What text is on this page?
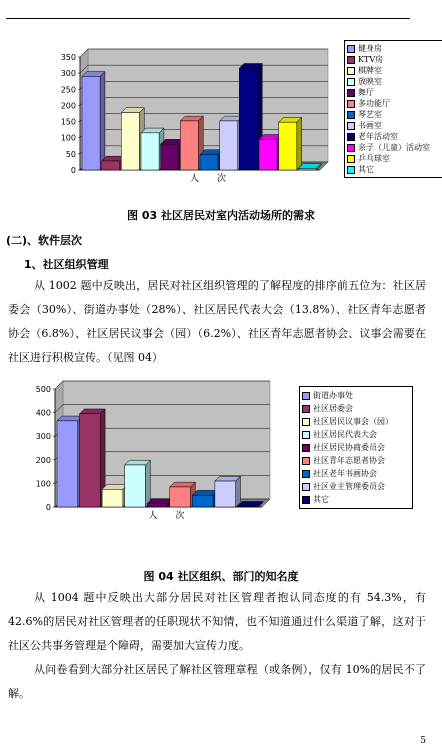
0
50
100
150
200
250
300
350
人　　次
健身房
KTV房
棋牌室
放映室
舞厅
多功能厅
琴艺室
书画室
老年活动室
亲子（儿童）活动室
乒乓球室
其它
图 03 社区居民对室内活动场所的需求
(二)、软件层次
1、社区组织管理
从 1002 题中反映出，居民对社区组织管理的了解程度的排序前五位为：社区居委会（30%）、街道办事处（28%）、社区居民代表大会（13.8%）、社区青年志愿者协会（6.8%）、社区居民议事会（园）（6.2%）、社区青年志愿者协会、议事会需要在社区进行积极宣传。（见图 04）
0
100
200
300
400
500
人　　次
街道办事处
社区居委会
社区居民议事会（园）
社区居民代表大会
社区居民协商委员会
社区青年志愿者协会
社区老年书画协会
社区业主管理委员会
其它
图 04 社区组织、部门的知名度
从 1004 题中反映出大部分居民对社区管理者抱认同态度的有 54.3%，有 42.6%的居民对社区管理者的任职现状不知情，也不知道通过什么渠道了解，这对于社区公共事务管理是个障碍，需要加大宣传力度。
从问卷看到大部分社区居民了解社区管理章程（或条例），仅有 10%的居民不了解。
5
